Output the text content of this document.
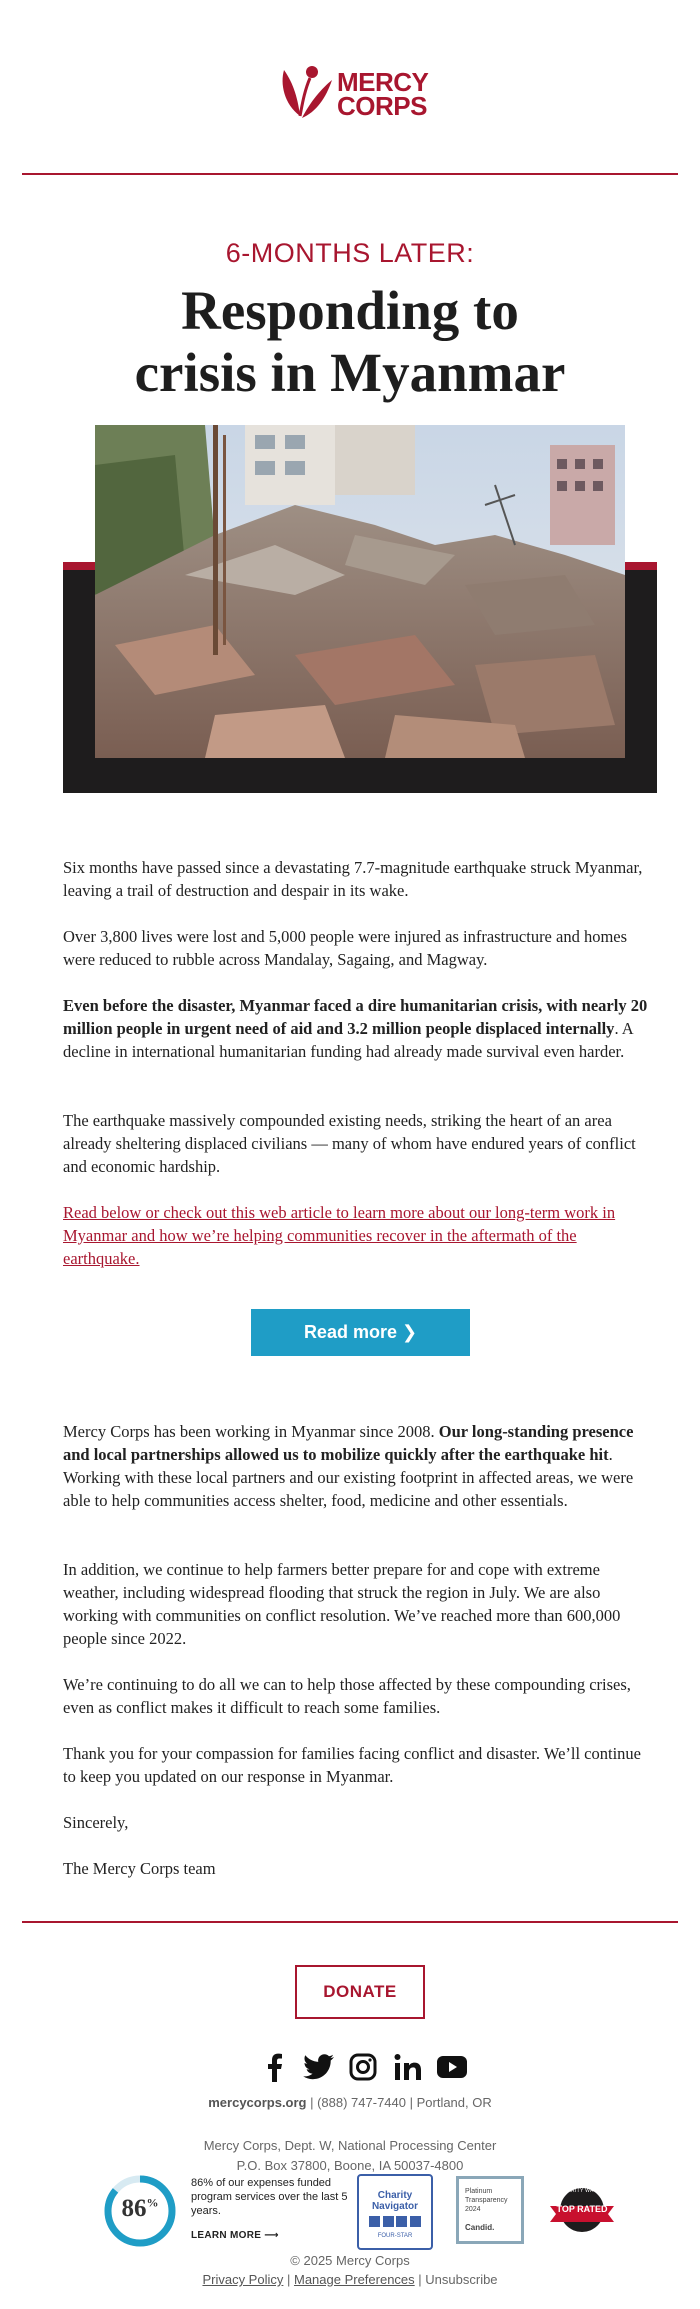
MERCY
CORPS
6-MONTHS LATER:
Responding to
crisis in Myanmar
Six months have passed since a devastating 7.7-magnitude earthquake struck Myanmar, leaving a trail of destruction and despair in its wake.
Over 3,800 lives were lost and 5,000 people were injured as infrastructure and homes were reduced to rubble across Mandalay, Sagaing, and Magway.
Even before the disaster, Myanmar faced a dire humanitarian crisis, with nearly 20 million people in urgent need of aid and 3.2 million people displaced internally. A decline in international humanitarian funding had already made survival even harder.
The earthquake massively compounded existing needs, striking the heart of an area already sheltering displaced civilians — many of whom have endured years of conflict and economic hardship.
Read below or check out this web article to learn more about our long-term work in Myanmar and how we’re helping communities recover in the aftermath of the earthquake.
Read more ❯
Mercy Corps has been working in Myanmar since 2008. Our long-standing presence and local partnerships allowed us to mobilize quickly after the earthquake hit. Working with these local partners and our existing footprint in affected areas, we were able to help communities access shelter, food, medicine and other essentials.
In addition, we continue to help farmers better prepare for and cope with extreme weather, including widespread flooding that struck the region in July. We are also working with communities on conflict resolution. We’ve reached more than 600,000 people since 2022.
We’re continuing to do all we can to help those affected by these compounding crises, even as conflict makes it difficult to reach some families.
Thank you for your compassion for families facing conflict and disaster. We’ll continue to keep you updated on our response in Myanmar.
Sincerely,
The Mercy Corps team
DONATE
mercycorps.org | (888) 747-7440 | Portland, OR
Mercy Corps, Dept. W, National Processing Center
P.O. Box 37800, Boone, IA 50037-4800
86%
86% of our expenses funded program services over the last 5 years.
LEARN MORE ⟶
Charity
Navigator
FOUR-STAR
Platinum
Transparency
2024
Candid.
CHARITY WATCH
TOP RATED
© 2025 Mercy Corps
Privacy Policy | Manage Preferences | Unsubscribe
